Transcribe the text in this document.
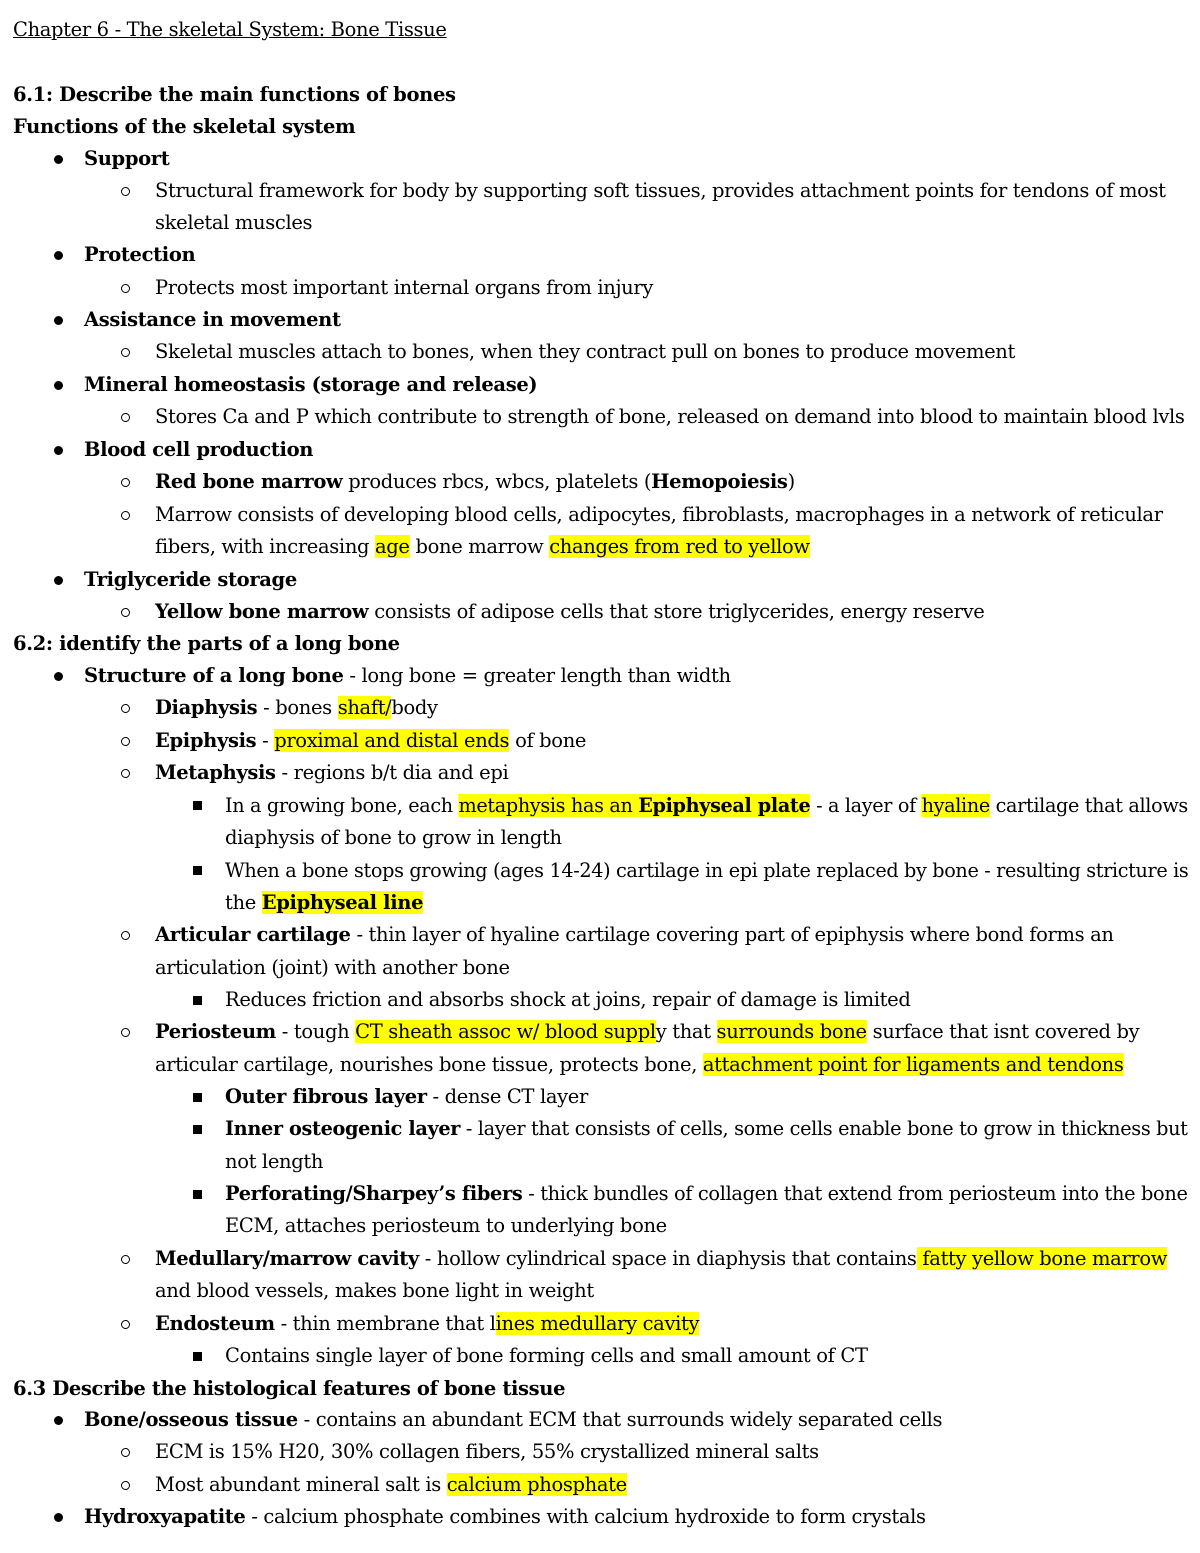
Chapter 6 - The skeletal System: Bone Tissue
6.1: Describe the main functions of bones
Functions of the skeletal system
Support
Structural framework for body by supporting soft tissues, provides attachment points for tendons of most
skeletal muscles
Protection
Protects most important internal organs from injury
Assistance in movement
Skeletal muscles attach to bones, when they contract pull on bones to produce movement
Mineral homeostasis (storage and release)
Stores Ca and P which contribute to strength of bone, released on demand into blood to maintain blood lvls
Blood cell production
Red bone marrow produces rbcs, wbcs, platelets (Hemopoiesis)
Marrow consists of developing blood cells, adipocytes, fibroblasts, macrophages in a network of reticular
fibers, with increasing age bone marrow changes from red to yellow
Triglyceride storage
Yellow bone marrow consists of adipose cells that store triglycerides, energy reserve
6.2: identify the parts of a long bone
Structure of a long bone - long bone = greater length than width
Diaphysis - bones shaft/body
Epiphysis - proximal and distal ends of bone
Metaphysis - regions b/t dia and epi
In a growing bone, each metaphysis has an Epiphyseal plate - a layer of hyaline cartilage that allows
diaphysis of bone to grow in length
When a bone stops growing (ages 14-24) cartilage in epi plate replaced by bone - resulting stricture is
the Epiphyseal line
Articular cartilage - thin layer of hyaline cartilage covering part of epiphysis where bond forms an
articulation (joint) with another bone
Reduces friction and absorbs shock at joins, repair of damage is limited
Periosteum - tough CT sheath assoc w/ blood supply that surrounds bone surface that isnt covered by
articular cartilage, nourishes bone tissue, protects bone, attachment point for ligaments and tendons
Outer fibrous layer - dense CT layer
Inner osteogenic layer - layer that consists of cells, some cells enable bone to grow in thickness but
not length
Perforating/Sharpey’s fibers - thick bundles of collagen that extend from periosteum into the bone
ECM, attaches periosteum to underlying bone
Medullary/marrow cavity - hollow cylindrical space in diaphysis that contains fatty yellow bone marrow
and blood vessels, makes bone light in weight
Endosteum - thin membrane that lines medullary cavity
Contains single layer of bone forming cells and small amount of CT
6.3 Describe the histological features of bone tissue
Bone/osseous tissue - contains an abundant ECM that surrounds widely separated cells
ECM is 15% H20, 30% collagen fibers, 55% crystallized mineral salts
Most abundant mineral salt is calcium phosphate
Hydroxyapatite - calcium phosphate combines with calcium hydroxide to form crystals
